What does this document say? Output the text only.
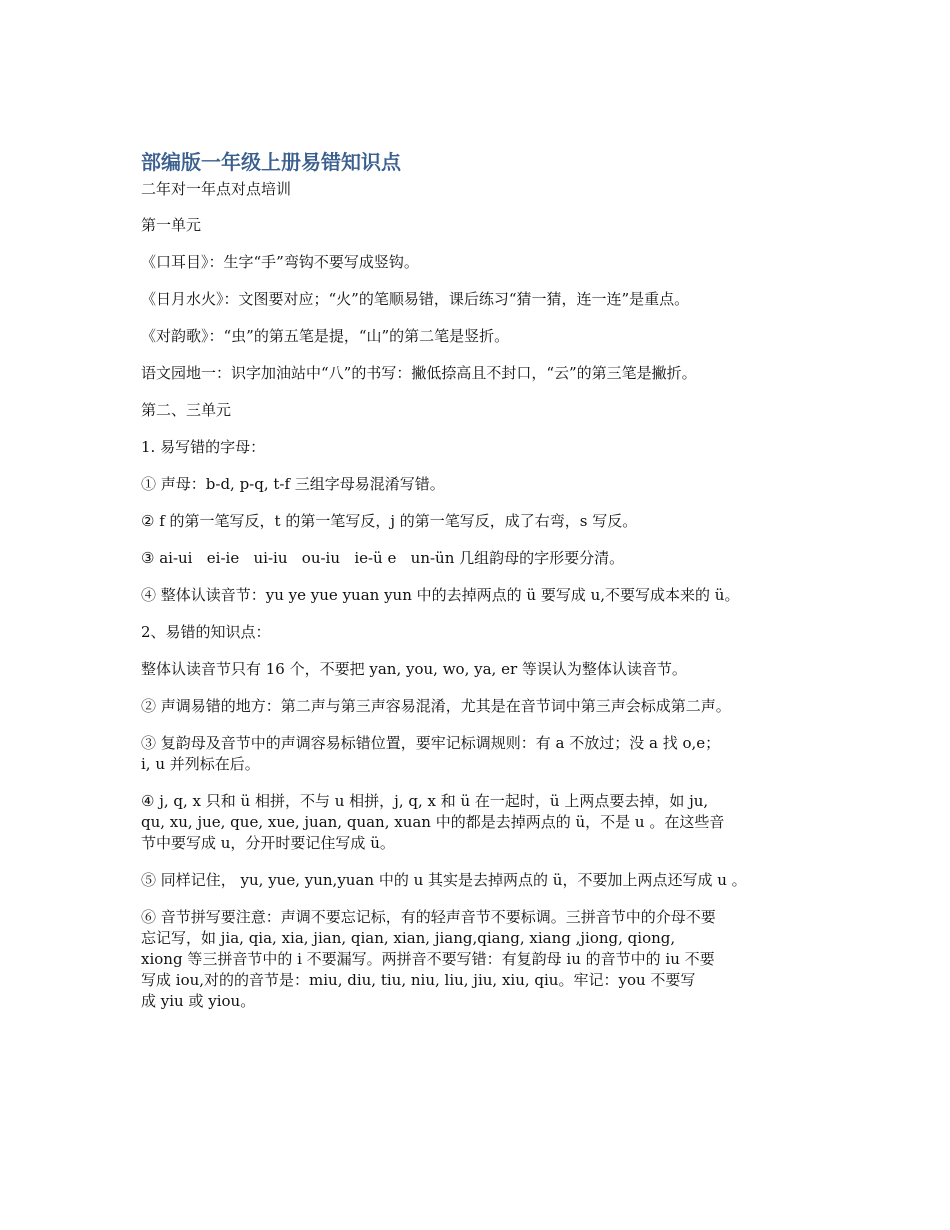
部编版一年级上册易错知识点
二年对一年点对点培训

第一单元

《口耳目》：生字“手”弯钩不要写成竖钩。

《日月水火》：文图要对应；“火”的笔顺易错，课后练习“猜一猜，连一连”是重点。

《对韵歌》：“虫”的第五笔是提，“山”的第二笔是竖折。

语文园地一：识字加油站中“八”的书写：撇低捺高且不封口，“云”的第三笔是撇折。

第二、三单元

1. 易写错的字母：

① 声母：b-d, p-q, t-f 三组字母易混淆写错。

② f 的第一笔写反，t 的第一笔写反，j 的第一笔写反，成了右弯，s 写反。

③ ai-ui   ei-ie   ui-iu   ou-iu   ie-ü e   un-ün 几组韵母的字形要分清。

④ 整体认读音节：yu ye yue yuan yun 中的去掉两点的 ü 要写成 u,不要写成本来的 ü。

2、易错的知识点：

整体认读音节只有 16 个，不要把 yan, you, wo, ya, er 等误认为整体认读音节。

② 声调易错的地方：第二声与第三声容易混淆，尤其是在音节词中第三声会标成第二声。

③ 复韵母及音节中的声调容易标错位置，要牢记标调规则：有 a 不放过；没 a 找 o,e；
i, u 并列标在后。

④ j, q, x 只和 ü 相拼，不与 u 相拼，j, q, x 和 ü 在一起时，ü 上两点要去掉，如 ju,
qu, xu, jue, que, xue, juan, quan, xuan 中的都是去掉两点的 ü，不是 u 。在这些音
节中要写成 u，分开时要记住写成 ü。

⑤ 同样记住， yu, yue, yun,yuan 中的 u 其实是去掉两点的 ü，不要加上两点还写成 u 。

⑥ 音节拼写要注意：声调不要忘记标，有的轻声音节不要标调。三拼音节中的介母不要
忘记写，如 jia, qia, xia, jian, qian, xian, jiang,qiang, xiang ,jiong, qiong,
xiong 等三拼音节中的 i 不要漏写。两拼音不要写错：有复韵母 iu 的音节中的 iu 不要
写成 iou,对的的音节是：miu, diu, tiu, niu, liu, jiu, xiu, qiu。牢记：you 不要写
成 yiu 或 yiou。
